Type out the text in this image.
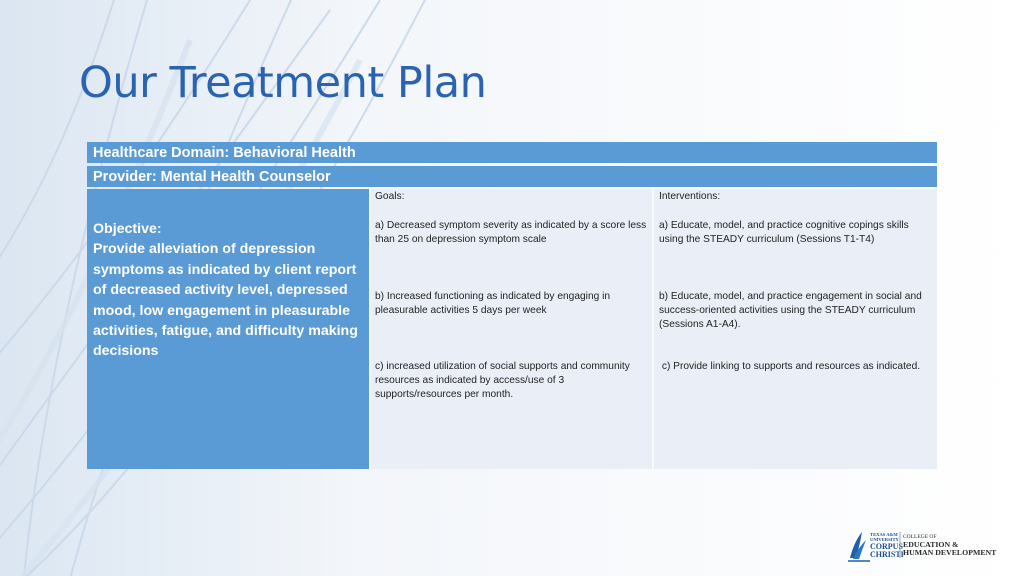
Our Treatment Plan
Healthcare Domain: Behavioral Health
Provider: Mental Health Counselor
Objective:
Provide alleviation of depression symptoms as indicated by client report of decreased activity level, depressed mood, low engagement in pleasurable activities, fatigue, and difficulty making decisions
Goals:
a) Decreased symptom severity as indicated by a score less than 25 on depression symptom scale
b) Increased functioning as indicated by engaging in pleasurable activities 5 days per week
c) increased utilization of social supports and community resources as indicated by access/use of 3 supports/resources per month.
Interventions:
a) Educate, model, and practice cognitive copings skills using the STEADY curriculum (Sessions T1-T4)
b) Educate, model, and practice engagement in social and success-oriented activities using the STEADY curriculum (Sessions A1-A4).
c) Provide linking to supports and resources as indicated.
TEXAS A&M
UNIVERSITY
CORPUS
CHRISTI
COLLEGE OF
EDUCATION &
HUMAN DEVELOPMENT
